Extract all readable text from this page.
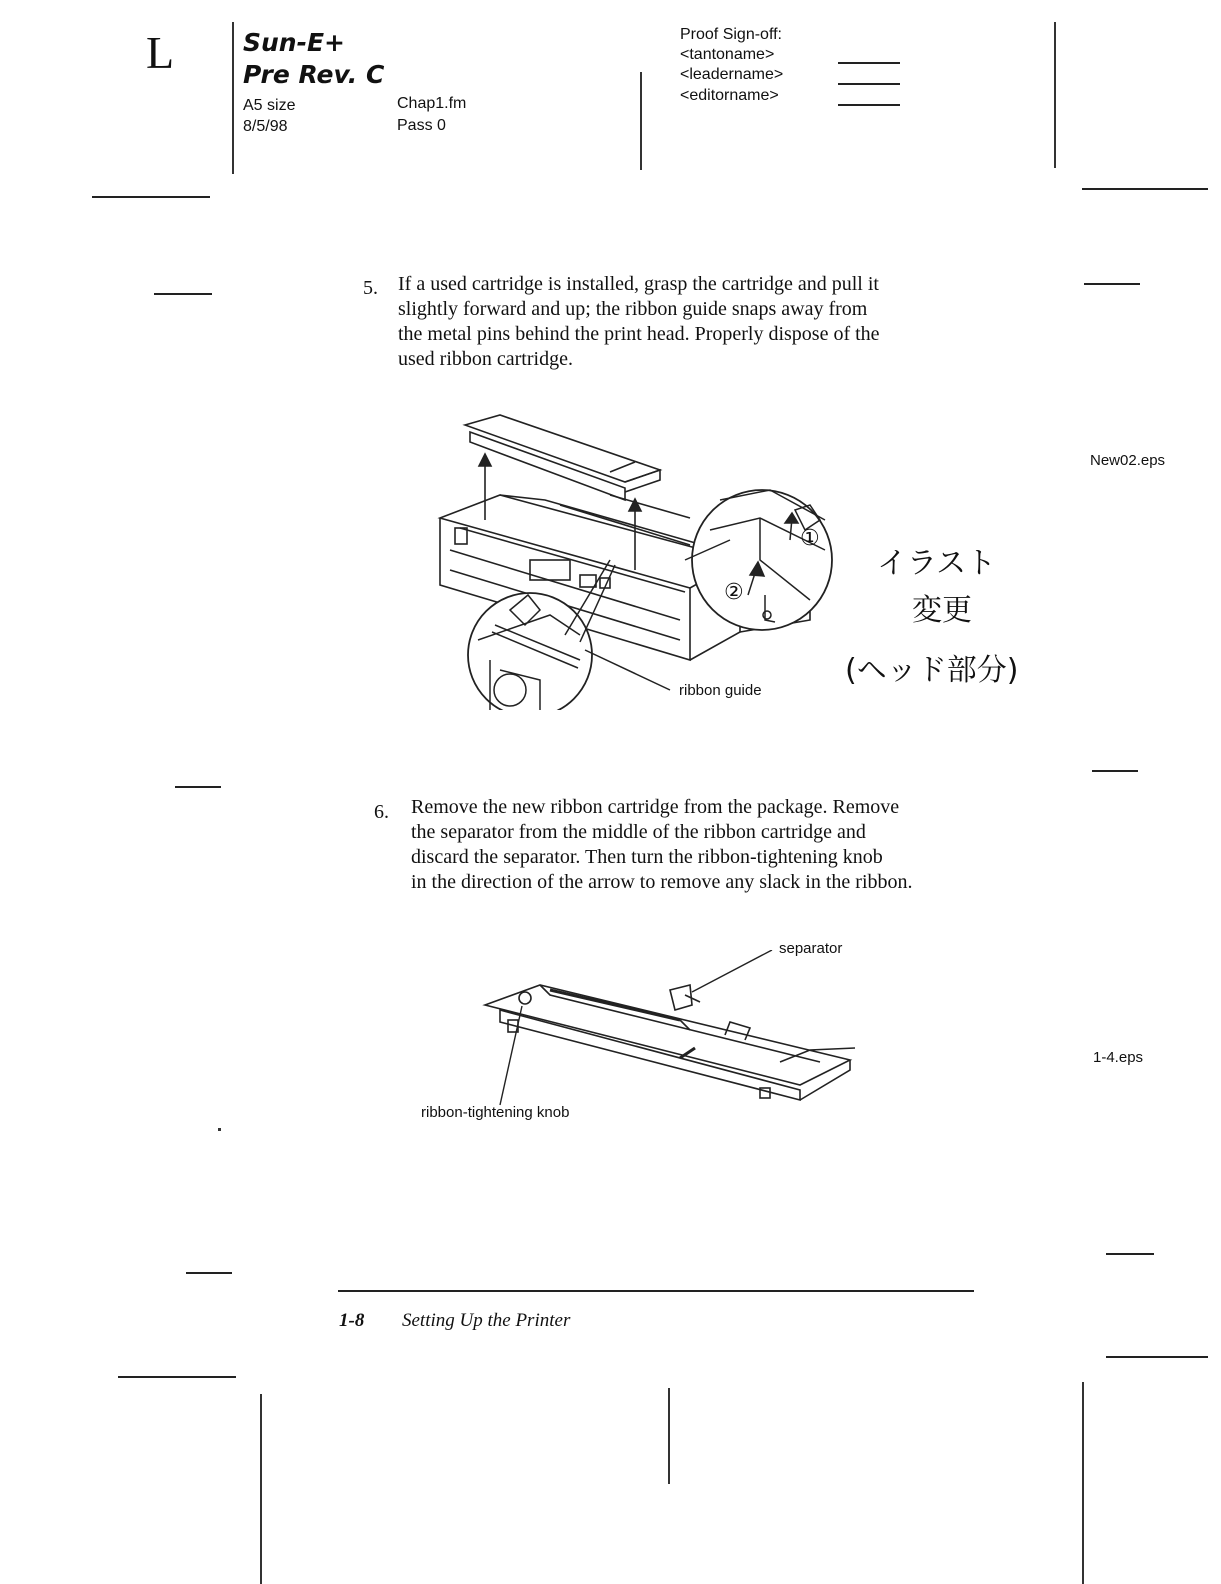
L	Sun-E+
Pre Rev. C
A5 size
8/5/98
Chap1.fm
Pass 0
Proof Sign-off:
<tantoname>
<leadername>
<editorname>
5. If a used cartridge is installed, grasp the cartridge and pull it
slightly forward and up; the ribbon guide snaps away from
the metal pins behind the print head. Properly dispose of the
used ribbon cartridge.
①
②
ribbon guide
New02.eps
イラスト
変更
(ヘッド部分)
6. Remove the new ribbon cartridge from the package. Remove
the separator from the middle of the ribbon cartridge and
discard the separator. Then turn the ribbon-tightening knob
in the direction of the arrow to remove any slack in the ribbon.
separator
ribbon-tightening knob
1-4.eps
1-8 Setting Up the Printer
